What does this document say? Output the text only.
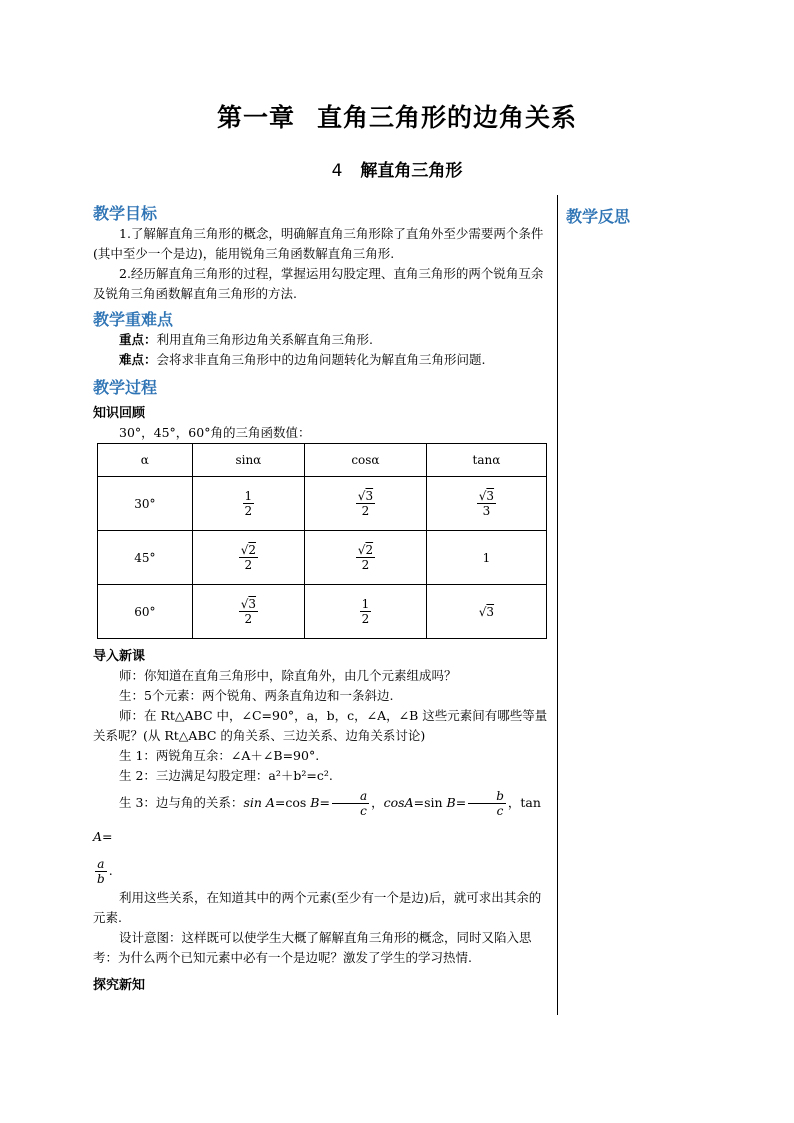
第一章 直角三角形的边角关系
4 解直角三角形
教学反思
教学目标

1.了解解直角三角形的概念，明确解直角三角形除了直角外至少需要两个条件(其中至少一个是边)，能用锐角三角函数解直角三角形.

2.经历解直角三角形的过程，掌握运用勾股定理、直角三角形的两个锐角互余及锐角三角函数解直角三角形的方法.

教学重难点

重点：利用直角三角形边角关系解直角三角形.

难点：会将求非直角三角形中的边角问题转化为解直角三角形问题.

教学过程
知识回顾

30°，45°，60°角的三角函数值：

α	sinα	cosα	tanα
30°	$\frac{1}{2}$	$\frac{√3}{2}$	$\frac{√3}{3}$

45°	$\frac{√2}{2}$	$\frac{√2}{2}$	1
60°	$\frac{√3}{2}$	$\frac{1}{2}$	√3
导入新课

师：你知道在直角三角形中，除直角外，由几个元素组成吗？

生：5个元素：两个锐角、两条直角边和一条斜边.

师：在 Rt△ABC 中，∠C=90°，a，b，c，∠A，∠B 这些元素间有哪些等量关系呢？(从 Rt△ABC 的角关系、三边关系、边角关系讨论)

生 1：两锐角互余：∠A＋∠B=90°.

生 2：三边满足勾股定理：a²＋b²=c².

生 3：边与角的关系：sin A=cos $B= \frac{a}{c}$ ，cosA=sin $B= \frac{b}{c}$ ，tan A=

$\frac{a}{b}$ .

利用这些关系，在知道其中的两个元素(至少有一个是边)后，就可求出其余的元素.

设计意图：这样既可以使学生大概了解解直角三角形的概念，同时又陷入思考：为什么两个已知元素中必有一个是边呢？激发了学生的学习热情.

探究新知
